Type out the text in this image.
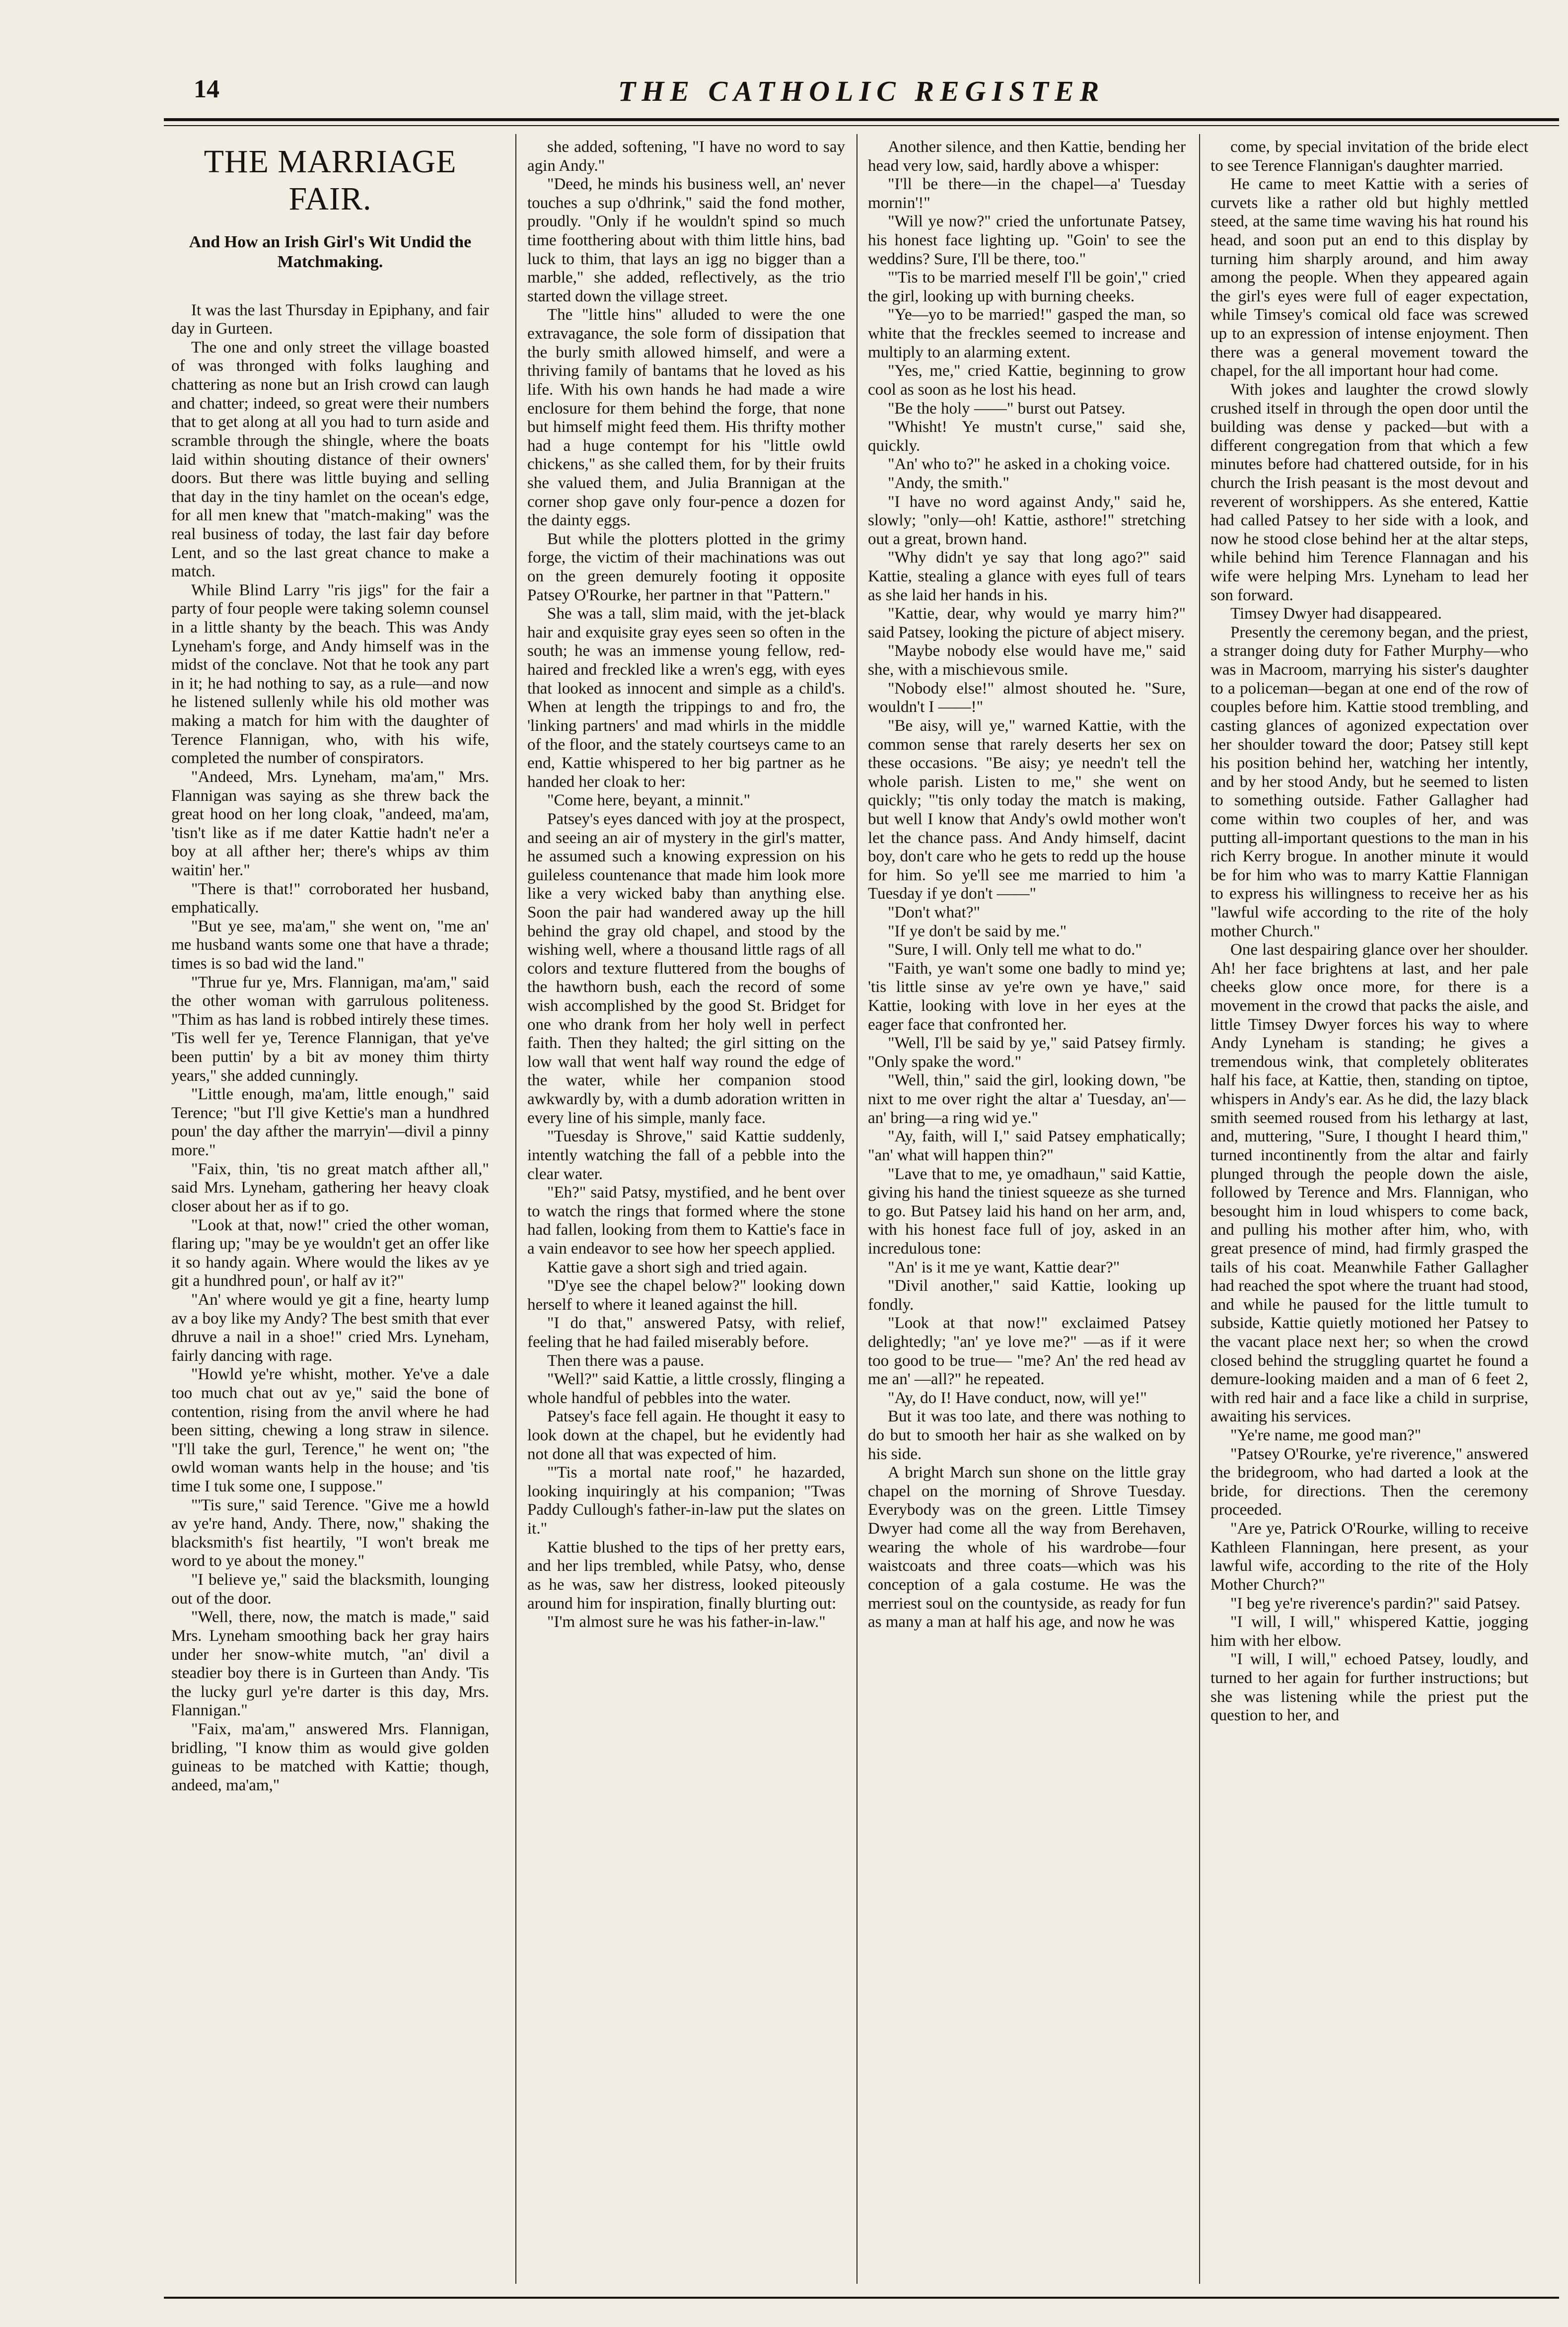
14	THE CATHOLIC REGISTER

THE MARRIAGE FAIR.

And How an Irish Girl's Wit Undid the Matchmaking.

It was the last Thursday in Epiphany, and fair day in Gurteen.

The one and only street the village boasted of was thronged with folks laughing and chattering as none but an Irish crowd can laugh and chatter; indeed, so great were their numbers that to get along at all you had to turn aside and scramble through the shingle, where the boats laid within shouting distance of their owners' doors. But there was little buying and selling that day in the tiny hamlet on the ocean's edge, for all men knew that "match-making" was the real business of today, the last fair day before Lent, and so the last great chance to make a match.

While Blind Larry "ris jigs" for the fair a party of four people were taking solemn counsel in a little shanty by the beach. This was Andy Lyneham's forge, and Andy himself was in the midst of the conclave. Not that he took any part in it; he had nothing to say, as a rule—and now he listened sullenly while his old mother was making a match for him with the daughter of Terence Flannigan, who, with his wife, completed the number of conspirators.

"Andeed, Mrs. Lyneham, ma'am," Mrs. Flannigan was saying as she threw back the great hood on her long cloak, "andeed, ma'am, 'tisn't like as if me dater Kattie hadn't ne'er a boy at all afther her; there's whips av thim waitin' her."

"There is that!" corroborated her husband, emphatically.

"But ye see, ma'am," she went on, "me an' me husband wants some one that have a thrade; times is so bad wid the land."

"Thrue fur ye, Mrs. Flannigan, ma'am," said the other woman with garrulous politeness. "Thim as has land is robbed intirely these times. 'Tis well fer ye, Terence Flannigan, that ye've been puttin' by a bit av money thim thirty years," she added cunningly.

"Little enough, ma'am, little enough," said Terence; "but I'll give Kettie's man a hundhred poun' the day afther the marryin'—divil a pinny more."

"Faix, thin, 'tis no great match afther all," said Mrs. Lyneham, gathering her heavy cloak closer about her as if to go.

"Look at that, now!" cried the other woman, flaring up; "may be ye wouldn't get an offer like it so handy again. Where would the likes av ye git a hundhred poun', or half av it?"

"An' where would ye git a fine, hearty lump av a boy like my Andy? The best smith that ever dhruve a nail in a shoe!" cried Mrs. Lyneham, fairly dancing with rage.

"Howld ye're whisht, mother. Ye've a dale too much chat out av ye," said the bone of contention, rising from the anvil where he had been sitting, chewing a long straw in silence. "I'll take the gurl, Terence," he went on; "the owld woman wants help in the house; and 'tis time I tuk some one, I suppose."

"'Tis sure," said Terence. "Give me a howld av ye're hand, Andy. There, now," shaking the blacksmith's fist heartily, "I won't break me word to ye about the money."

"I believe ye," said the blacksmith, lounging out of the door.

"Well, there, now, the match is made," said Mrs. Lyneham smoothing back her gray hairs under her snow-white mutch, "an' divil a steadier boy there is in Gurteen than Andy. 'Tis the lucky gurl ye're darter is this day, Mrs. Flannigan."

"Faix, ma'am," answered Mrs. Flannigan, bridling, "I know thim as would give golden guineas to be matched with Kattie; though, andeed, ma'am,"

she added, softening, "I have no word to say agin Andy."

"Deed, he minds his business well, an' never touches a sup o'dhrink," said the fond mother, proudly. "Only if he wouldn't spind so much time footthering about with thim little hins, bad luck to thim, that lays an igg no bigger than a marble," she added, reflectively, as the trio started down the village street.

The "little hins" alluded to were the one extravagance, the sole form of dissipation that the burly smith allowed himself, and were a thriving family of bantams that he loved as his life. With his own hands he had made a wire enclosure for them behind the forge, that none but himself might feed them. His thrifty mother had a huge contempt for his "little owld chickens," as she called them, for by their fruits she valued them, and Julia Brannigan at the corner shop gave only four-pence a dozen for the dainty eggs.

But while the plotters plotted in the grimy forge, the victim of their machinations was out on the green demurely footing it opposite Patsey O'Rourke, her partner in that "Pattern."

She was a tall, slim maid, with the jet-black hair and exquisite gray eyes seen so often in the south; he was an immense young fellow, red-haired and freckled like a wren's egg, with eyes that looked as innocent and simple as a child's. When at length the trippings to and fro, the 'linking partners' and mad whirls in the middle of the floor, and the stately courtseys came to an end, Kattie whispered to her big partner as he handed her cloak to her:

"Come here, beyant, a minnit."

Patsey's eyes danced with joy at the prospect, and seeing an air of mystery in the girl's matter, he assumed such a knowing expression on his guileless countenance that made him look more like a very wicked baby than anything else. Soon the pair had wandered away up the hill behind the gray old chapel, and stood by the wishing well, where a thousand little rags of all colors and texture fluttered from the boughs of the hawthorn bush, each the record of some wish accomplished by the good St. Bridget for one who drank from her holy well in perfect faith. Then they halted; the girl sitting on the low wall that went half way round the edge of the water, while her companion stood awkwardly by, with a dumb adoration written in every line of his simple, manly face.

"Tuesday is Shrove," said Kattie suddenly, intently watching the fall of a pebble into the clear water.

"Eh?" said Patsy, mystified, and he bent over to watch the rings that formed where the stone had fallen, looking from them to Kattie's face in a vain endeavor to see how her speech applied.

Kattie gave a short sigh and tried again.

"D'ye see the chapel below?" looking down herself to where it leaned against the hill.

"I do that," answered Patsy, with relief, feeling that he had failed miserably before.

Then there was a pause.

"Well?" said Kattie, a little crossly, flinging a whole handful of pebbles into the water.

Patsey's face fell again. He thought it easy to look down at the chapel, but he evidently had not done all that was expected of him.

"'Tis a mortal nate roof," he hazarded, looking inquiringly at his companion; "Twas Paddy Cullough's father-in-law put the slates on it."

Kattie blushed to the tips of her pretty ears, and her lips trembled, while Patsy, who, dense as he was, saw her distress, looked piteously around him for inspiration, finally blurting out:

"I'm almost sure he was his father-in-law."

Another silence, and then Kattie, bending her head very low, said, hardly above a whisper:

"I'll be there—in the chapel—a' Tuesday mornin'!"

"Will ye now?" cried the unfortunate Patsey, his honest face lighting up. "Goin' to see the weddins? Sure, I'll be there, too."

"'Tis to be married meself I'll be goin'," cried the girl, looking up with burning cheeks.

"Ye—yo to be married!" gasped the man, so white that the freckles seemed to increase and multiply to an alarming extent.

"Yes, me," cried Kattie, beginning to grow cool as soon as he lost his head.

"Be the holy ——" burst out Patsey.

"Whisht! Ye mustn't curse," said she, quickly.

"An' who to?" he asked in a choking voice.

"Andy, the smith."

"I have no word against Andy," said he, slowly; "only—oh! Kattie, asthore!" stretching out a great, brown hand.

"Why didn't ye say that long ago?" said Kattie, stealing a glance with eyes full of tears as she laid her hands in his.

"Kattie, dear, why would ye marry him?" said Patsey, looking the picture of abject misery.

"Maybe nobody else would have me," said she, with a mischievous smile.

"Nobody else!" almost shouted he. "Sure, wouldn't I ——!"

"Be aisy, will ye," warned Kattie, with the common sense that rarely deserts her sex on these occasions. "Be aisy; ye needn't tell the whole parish. Listen to me," she went on quickly; "'tis only today the match is making, but well I know that Andy's owld mother won't let the chance pass. And Andy himself, dacint boy, don't care who he gets to redd up the house for him. So ye'll see me married to him 'a Tuesday if ye don't ——"

"Don't what?"

"If ye don't be said by me."

"Sure, I will. Only tell me what to do."

"Faith, ye wan't some one badly to mind ye; 'tis little sinse av ye're own ye have," said Kattie, looking with love in her eyes at the eager face that confronted her.

"Well, I'll be said by ye," said Patsey firmly. "Only spake the word."

"Well, thin," said the girl, looking down, "be nixt to me over right the altar a' Tuesday, an'—an' bring—a ring wid ye."

"Ay, faith, will I," said Patsey emphatically; "an' what will happen thin?"

"Lave that to me, ye omadhaun," said Kattie, giving his hand the tiniest squeeze as she turned to go. But Patsey laid his hand on her arm, and, with his honest face full of joy, asked in an incredulous tone:

"An' is it me ye want, Kattie dear?"

"Divil another," said Kattie, looking up fondly.

"Look at that now!" exclaimed Patsey delightedly; "an' ye love me?" —as if it were too good to be true— "me? An' the red head av me an' —all?" he repeated.

"Ay, do I! Have conduct, now, will ye!"

But it was too late, and there was nothing to do but to smooth her hair as she walked on by his side.

A bright March sun shone on the little gray chapel on the morning of Shrove Tuesday. Everybody was on the green. Little Timsey Dwyer had come all the way from Berehaven, wearing the whole of his wardrobe—four waistcoats and three coats—which was his conception of a gala costume. He was the merriest soul on the countyside, as ready for fun as many a man at half his age, and now he was

come, by special invitation of the bride elect to see Terence Flannigan's daughter married.

He came to meet Kattie with a series of curvets like a rather old but highly mettled steed, at the same time waving his hat round his head, and soon put an end to this display by turning him sharply around, and him away among the people. When they appeared again the girl's eyes were full of eager expectation, while Timsey's comical old face was screwed up to an expression of intense enjoyment. Then there was a general movement toward the chapel, for the all important hour had come.

With jokes and laughter the crowd slowly crushed itself in through the open door until the building was dense y packed—but with a different congregation from that which a few minutes before had chattered outside, for in his church the Irish peasant is the most devout and reverent of worshippers. As she entered, Kattie had called Patsey to her side with a look, and now he stood close behind her at the altar steps, while behind him Terence Flannagan and his wife were helping Mrs. Lyneham to lead her son forward.

Timsey Dwyer had disappeared.

Presently the ceremony began, and the priest, a stranger doing duty for Father Murphy—who was in Macroom, marrying his sister's daughter to a policeman—began at one end of the row of couples before him. Kattie stood trembling, and casting glances of agonized expectation over her shoulder toward the door; Patsey still kept his position behind her, watching her intently, and by her stood Andy, but he seemed to listen to something outside. Father Gallagher had come within two couples of her, and was putting all-important questions to the man in his rich Kerry brogue. In another minute it would be for him who was to marry Kattie Flannigan to express his willingness to receive her as his "lawful wife according to the rite of the holy mother Church."

One last despairing glance over her shoulder. Ah! her face brightens at last, and her pale cheeks glow once more, for there is a movement in the crowd that packs the aisle, and little Timsey Dwyer forces his way to where Andy Lyneham is standing; he gives a tremendous wink, that completely obliterates half his face, at Kattie, then, standing on tiptoe, whispers in Andy's ear. As he did, the lazy black smith seemed roused from his lethargy at last, and, muttering, "Sure, I thought I heard thim," turned incontinently from the altar and fairly plunged through the people down the aisle, followed by Terence and Mrs. Flannigan, who besought him in loud whispers to come back, and pulling his mother after him, who, with great presence of mind, had firmly grasped the tails of his coat. Meanwhile Father Gallagher had reached the spot where the truant had stood, and while he paused for the little tumult to subside, Kattie quietly motioned her Patsey to the vacant place next her; so when the crowd closed behind the struggling quartet he found a demure-looking maiden and a man of 6 feet 2, with red hair and a face like a child in surprise, awaiting his services.

"Ye're name, me good man?"

"Patsey O'Rourke, ye're riverence," answered the bridegroom, who had darted a look at the bride, for directions. Then the ceremony proceeded.

"Are ye, Patrick O'Rourke, willing to receive Kathleen Flanningan, here present, as your lawful wife, according to the rite of the Holy Mother Church?"

"I beg ye're riverence's pardin?" said Patsey.

"I will, I will," whispered Kattie, jogging him with her elbow.

"I will, I will," echoed Patsey, loudly, and turned to her again for further instructions; but she was listening while the priest put the question to her, and
